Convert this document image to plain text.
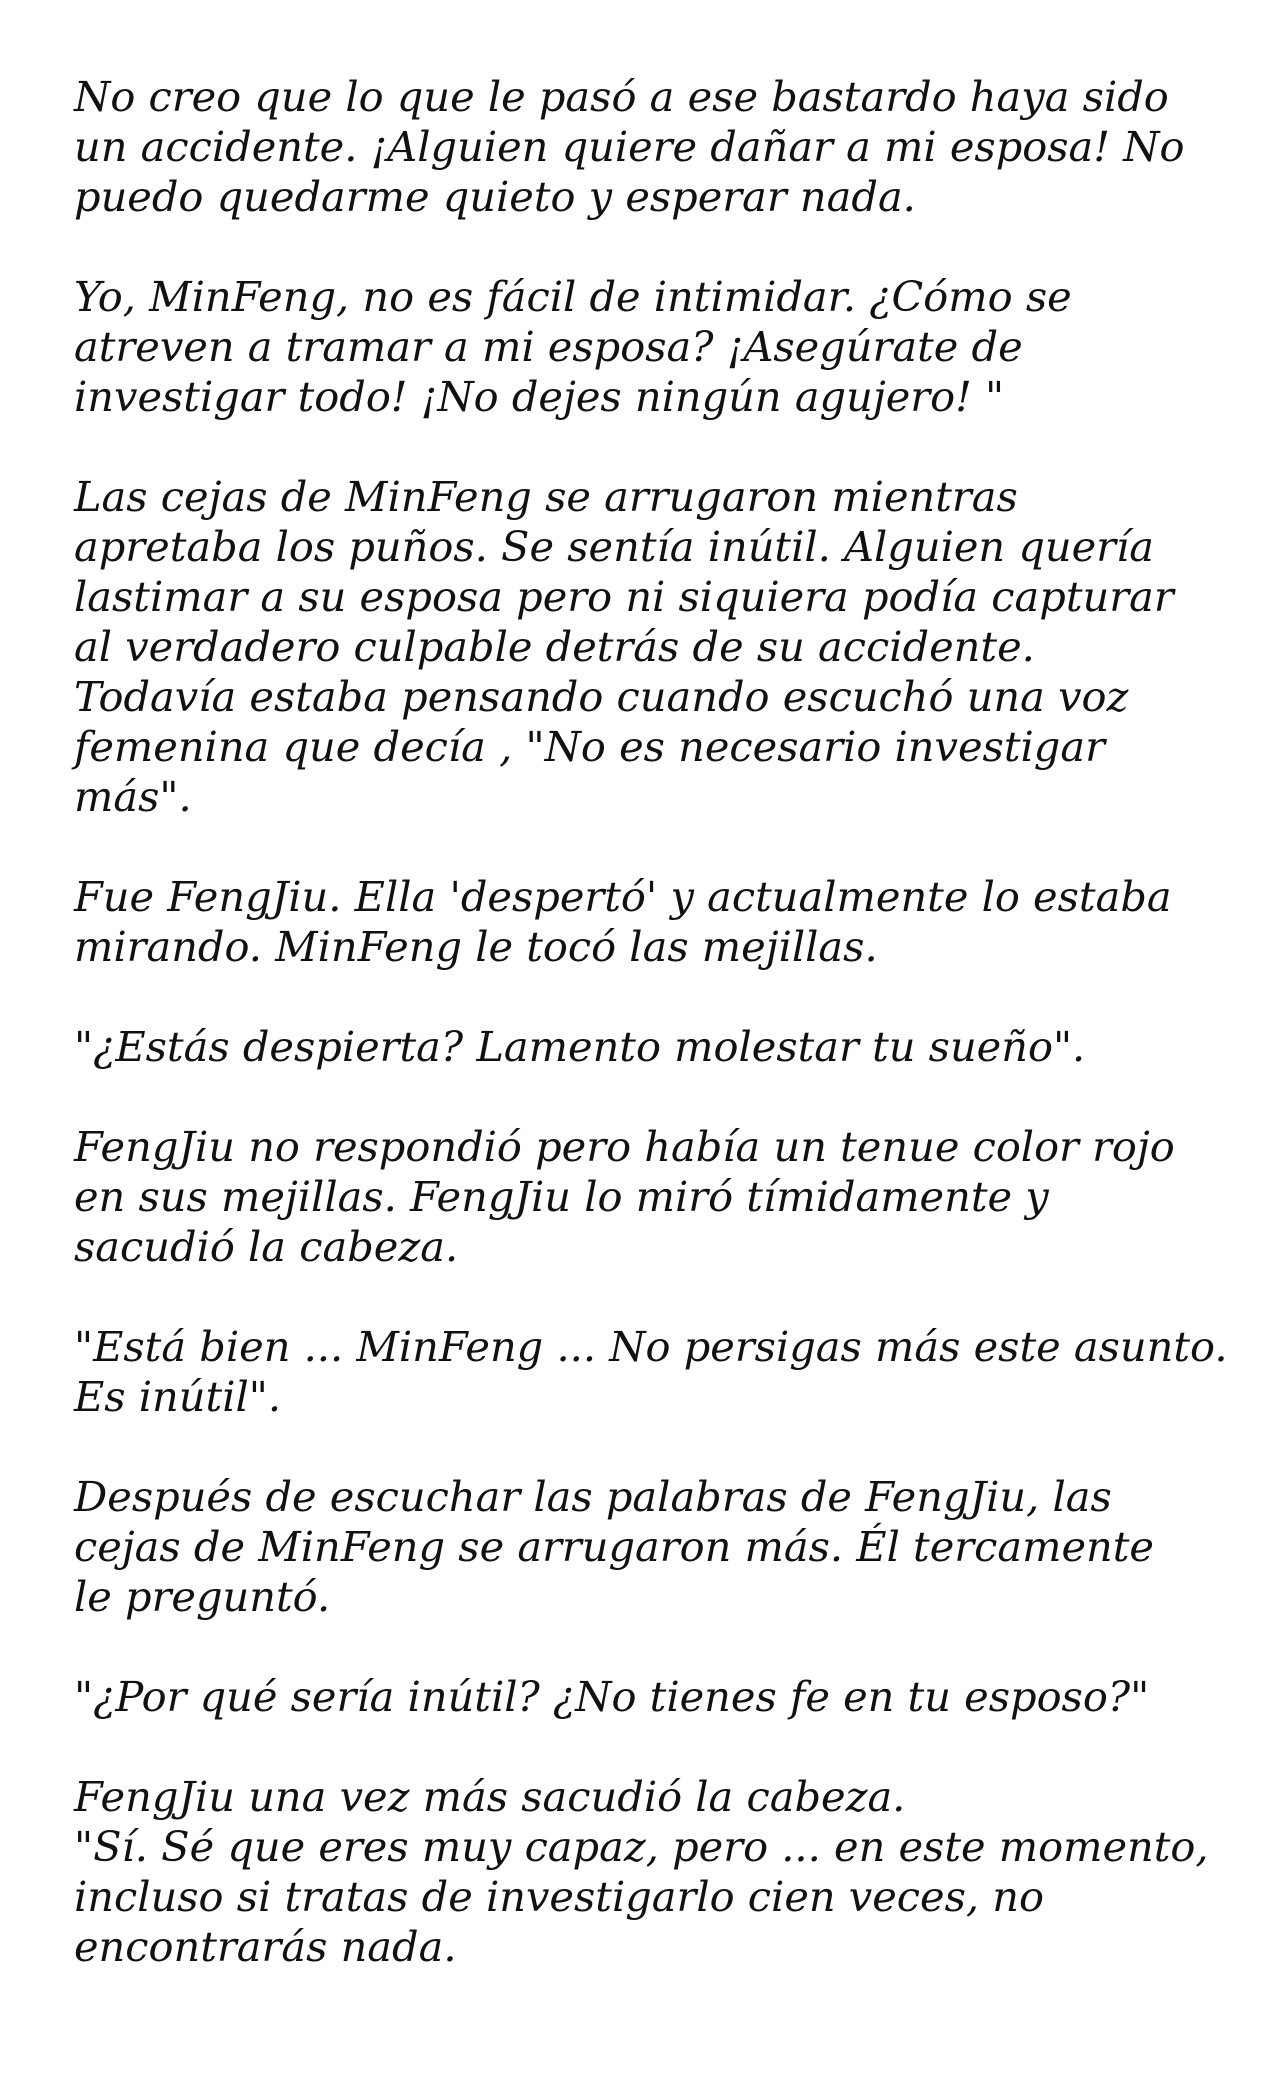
No creo que lo que le pasó a ese bastardo haya sido
un accidente. ¡Alguien quiere dañar a mi esposa! No
puedo quedarme quieto y esperar nada.

Yo, MinFeng, no es fácil de intimidar. ¿Cómo se
atreven a tramar a mi esposa? ¡Asegúrate de
investigar todo! ¡No dejes ningún agujero! "

Las cejas de MinFeng se arrugaron mientras
apretaba los puños. Se sentía inútil. Alguien quería
lastimar a su esposa pero ni siquiera podía capturar
al verdadero culpable detrás de su accidente.
Todavía estaba pensando cuando escuchó una voz
femenina que decía , "No es necesario investigar
más".

Fue FengJiu. Ella 'despertó' y actualmente lo estaba
mirando. MinFeng le tocó las mejillas.

"¿Estás despierta? Lamento molestar tu sueño".

FengJiu no respondió pero había un tenue color rojo
en sus mejillas. FengJiu lo miró tímidamente y
sacudió la cabeza.

"Está bien ... MinFeng ... No persigas más este asunto.
Es inútil".

Después de escuchar las palabras de FengJiu, las
cejas de MinFeng se arrugaron más. Él tercamente
le preguntó.

"¿Por qué sería inútil? ¿No tienes fe en tu esposo?"

FengJiu una vez más sacudió la cabeza.
"Sí. Sé que eres muy capaz, pero ... en este momento,
incluso si tratas de investigarlo cien veces, no
encontrarás nada.
